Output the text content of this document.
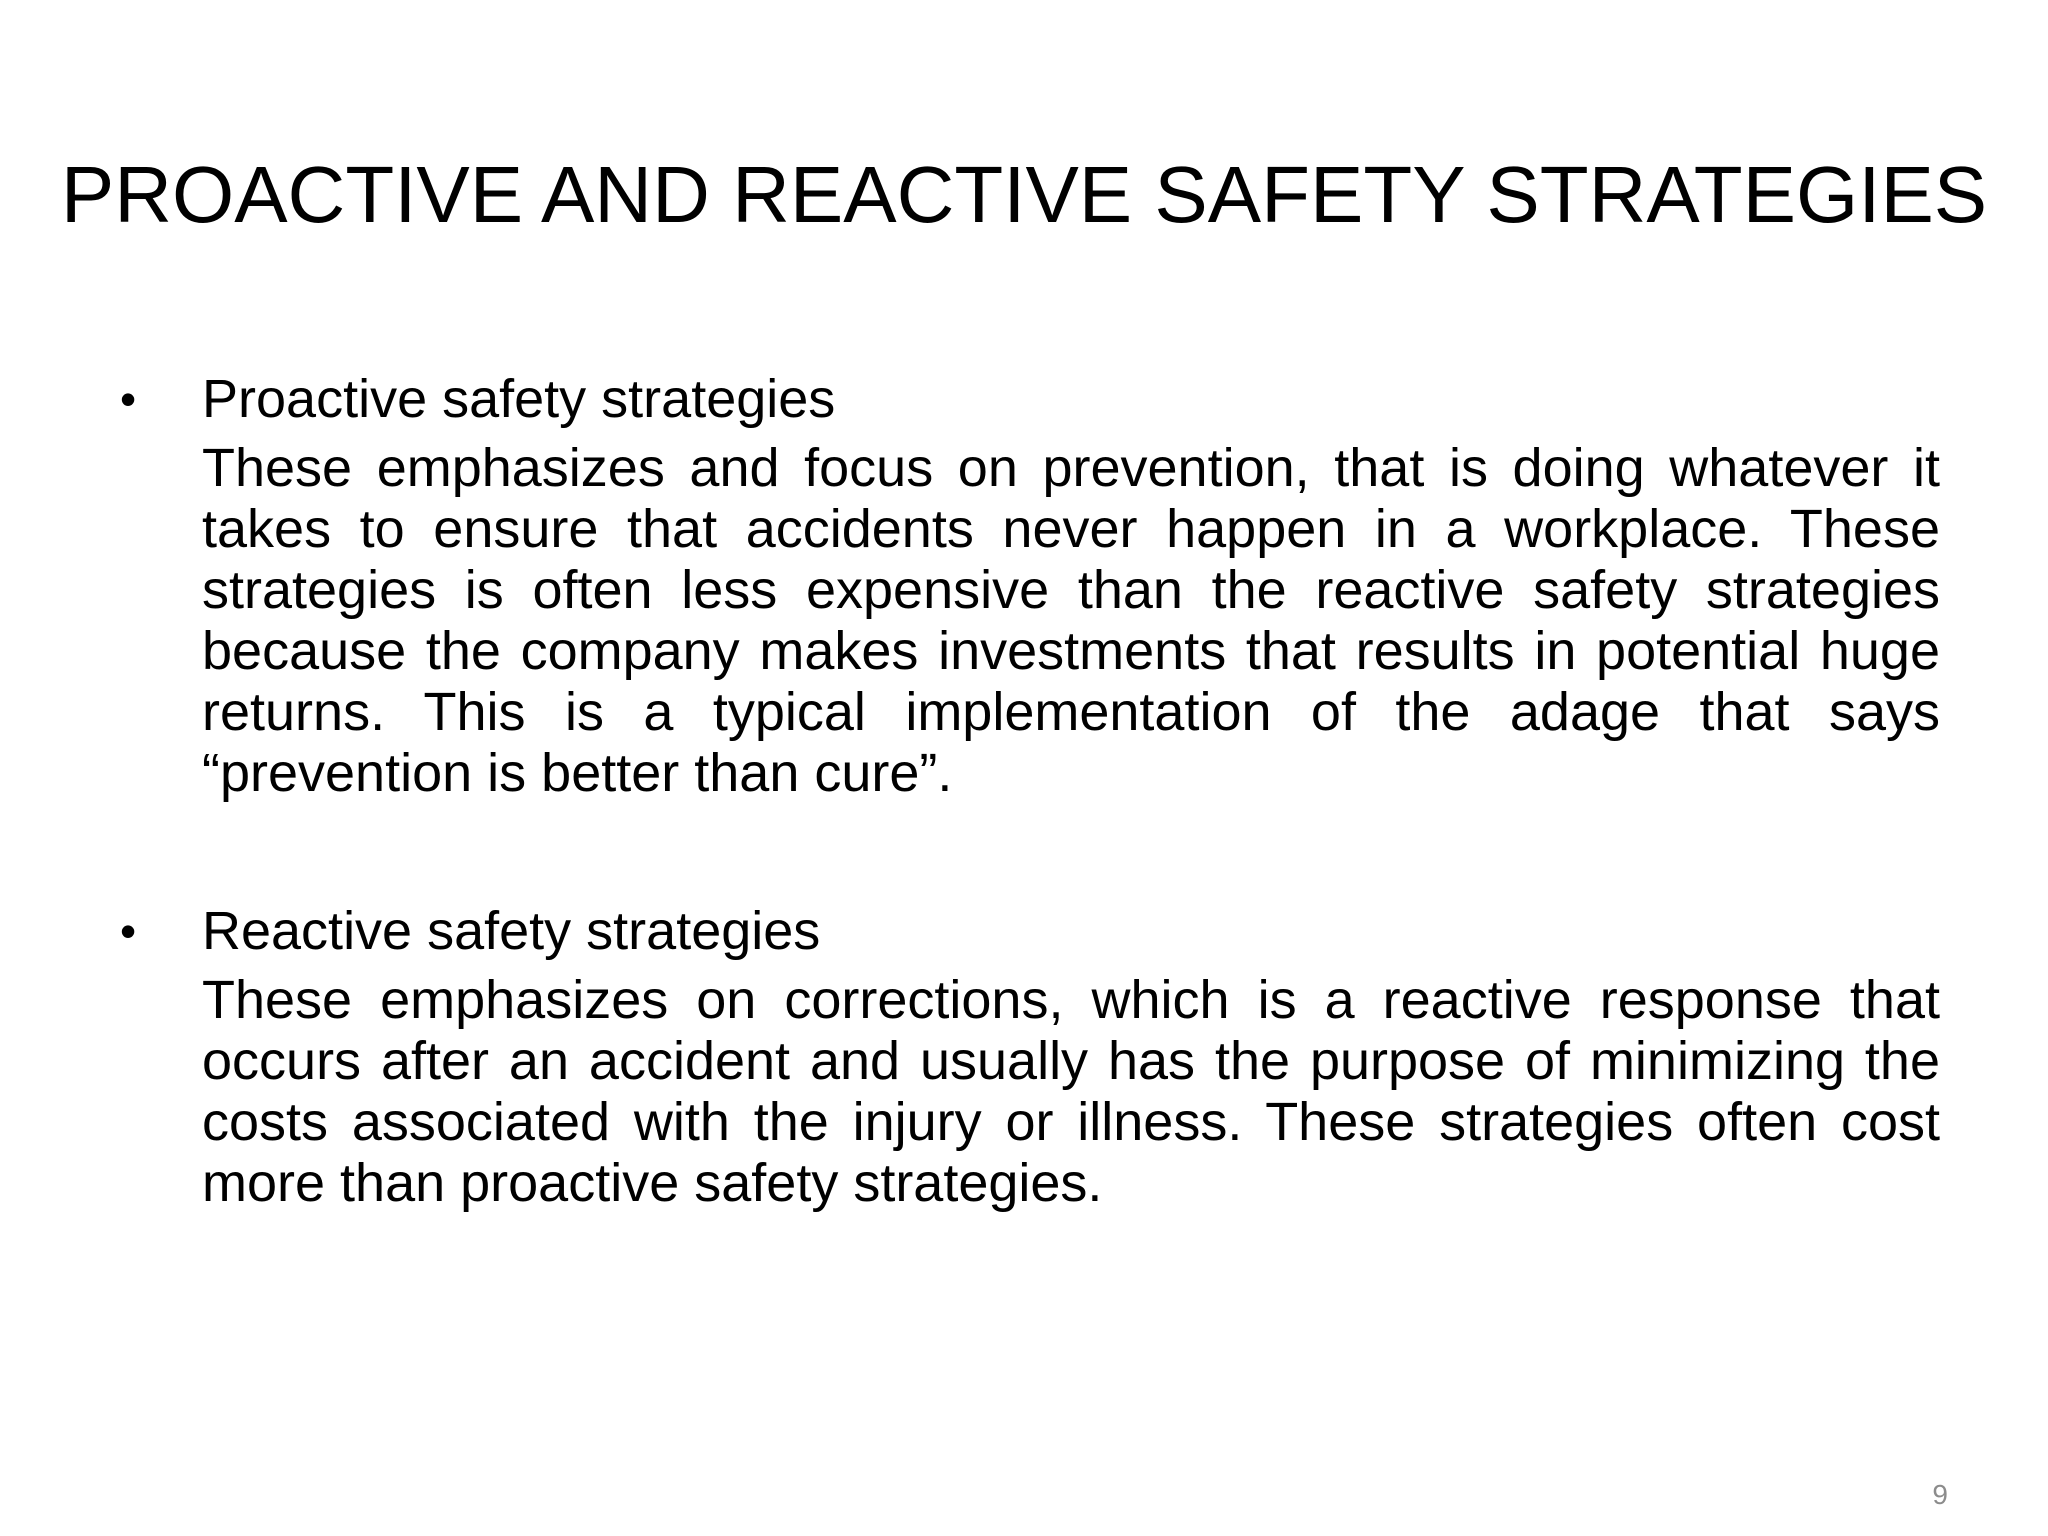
PROACTIVE AND REACTIVE SAFETY STRATEGIES
•	Proactive safety strategies
These emphasizes and focus on prevention, that is doing whatever it takes to ensure that accidents never happen in a workplace. These strategies is often less expensive than the reactive safety strategies because the company makes investments that results in potential huge returns. This is a typical implementation of the adage that says “prevention is better than cure”.
•	Reactive safety strategies
These emphasizes on corrections, which is a reactive response that occurs after an accident and usually has the purpose of minimizing the costs associated with the injury or illness. These strategies often cost more than proactive safety strategies.
9
